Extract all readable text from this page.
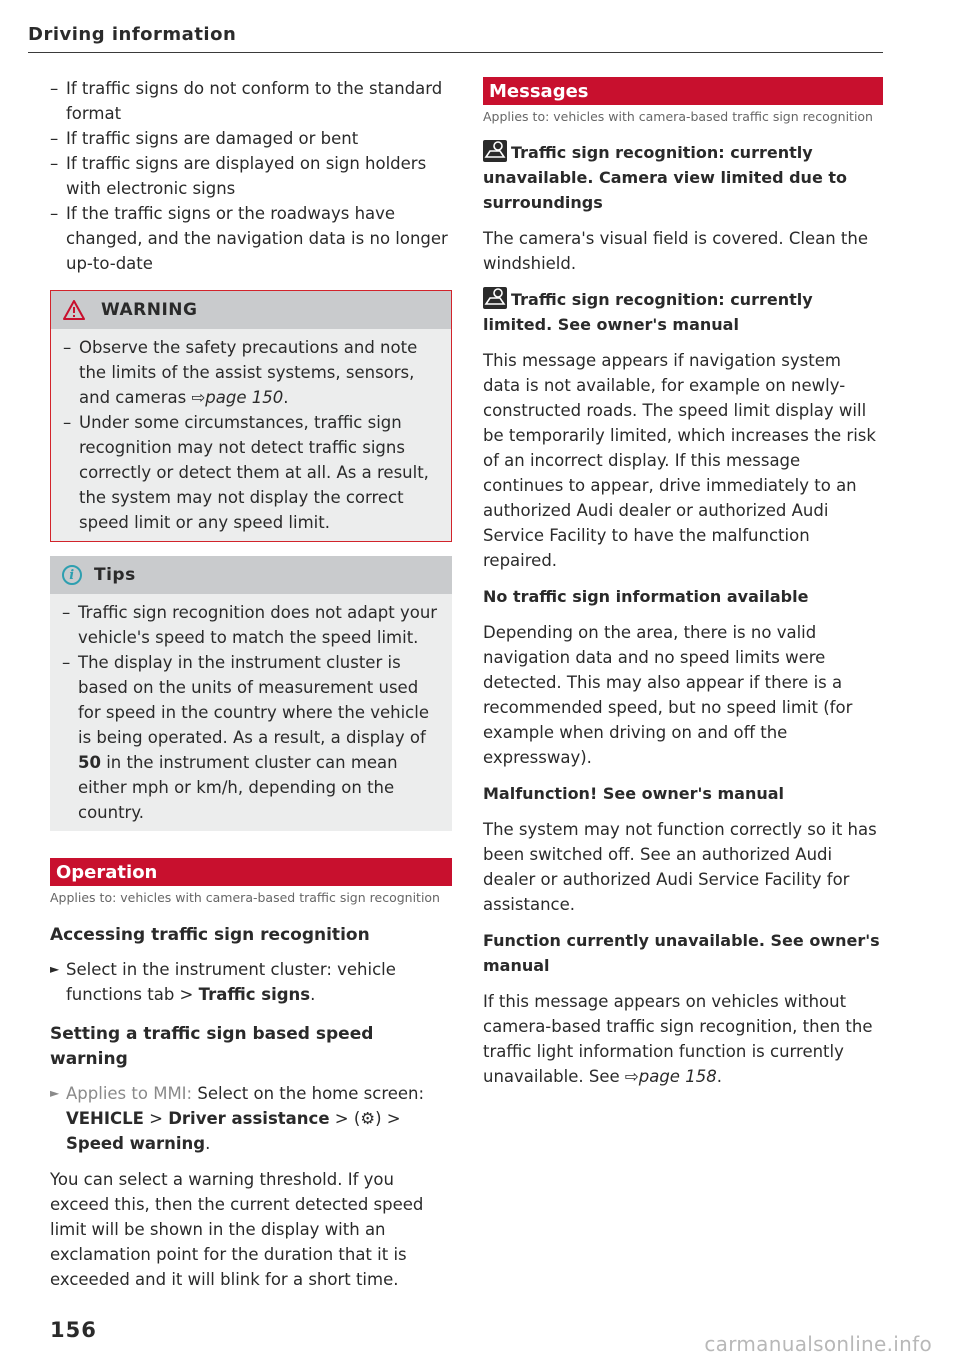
Driving information
– If traffic signs do not conform to the standard format
– If traffic signs are damaged or bent
– If traffic signs are displayed on sign holders with electronic signs
– If the traffic signs or the roadways have changed, and the navigation data is no longer up-to-date
WARNING
– Observe the safety precautions and note the limits of the assist systems, sensors, and cameras ⇨page 150.
– Under some circumstances, traffic sign recognition may not detect traffic signs correctly or detect them at all. As a result, the system may not display the correct speed limit or any speed limit.
i	Tips
– Traffic sign recognition does not adapt your vehicle's speed to match the speed limit.
– The display in the instrument cluster is based on the units of measurement used for speed in the country where the vehicle is being operated. As a result, a display of 50 in the instrument cluster can mean either mph or km/h, depending on the country.
Operation
Applies to: vehicles with camera-based traffic sign recognition
Accessing traffic sign recognition
► Select in the instrument cluster: vehicle functions tab > Traffic signs.
Setting a traffic sign based speed warning
► Applies to MMI: Select on the home screen: VEHICLE > Driver assistance > (⚙) > Speed warning.

You can select a warning threshold. If you exceed this, then the current detected speed limit will be shown in the display with an exclamation point for the duration that it is exceeded and it will blink for a short time.

Messages
Applies to: vehicles with camera-based traffic sign recognition
Traffic sign recognition: currently unavailable. Camera view limited due to surroundings

The camera's visual field is covered. Clean the windshield.

Traffic sign recognition: currently limited. See owner's manual

This message appears if navigation system data is not available, for example on newly-constructed roads. The speed limit display will be temporarily limited, which increases the risk of an incorrect display. If this message continues to appear, drive immediately to an authorized Audi dealer or authorized Audi Service Facility to have the malfunction repaired.

No traffic sign information available

Depending on the area, there is no valid navigation data and no speed limits were detected. This may also appear if there is a recommended speed, but no speed limit (for example when driving on and off the expressway).

Malfunction! See owner's manual

The system may not function correctly so it has been switched off. See an authorized Audi dealer or authorized Audi Service Facility for assistance.

Function currently unavailable. See owner's manual

If this message appears on vehicles without camera-based traffic sign recognition, then the traffic light information function is currently unavailable. See ⇨page 158.

156
carmanualsonline.info
